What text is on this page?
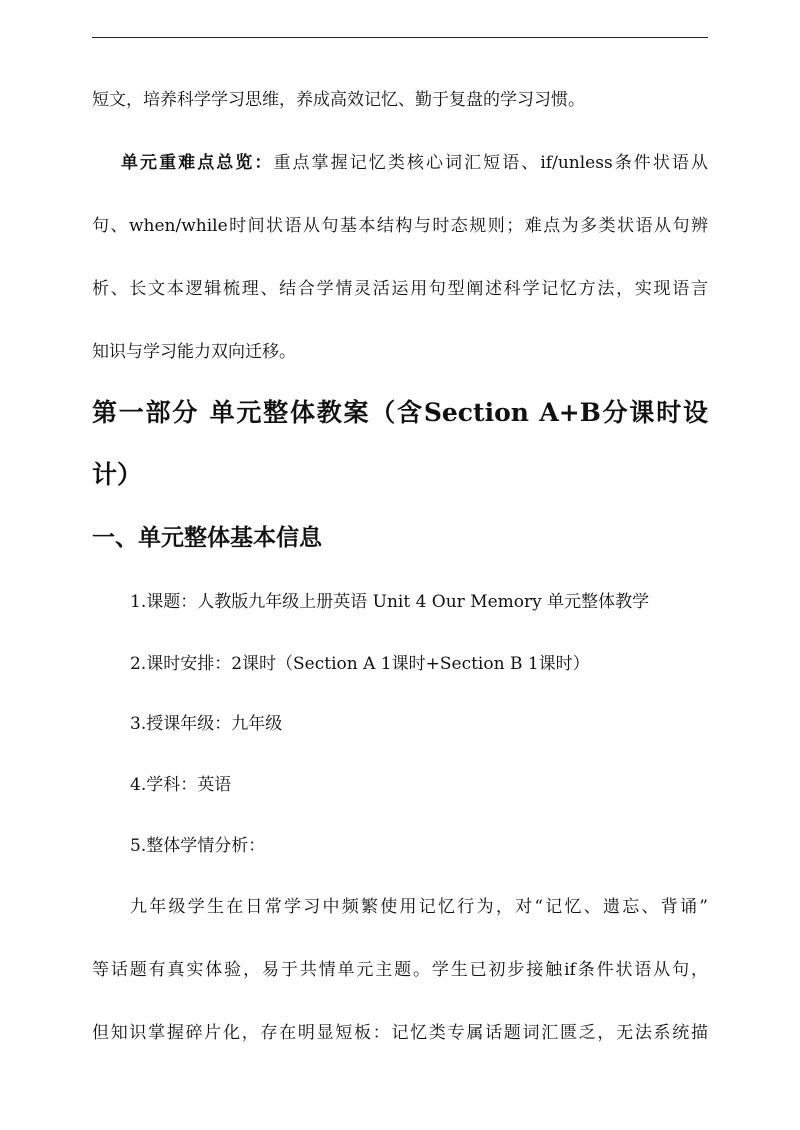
短文，培养科学学习思维，养成高效记忆、勤于复盘的学习习惯。
单元重难点总览：重点掌握记忆类核心词汇短语、if/unless条件状语从
句、when/while时间状语从句基本结构与时态规则；难点为多类状语从句辨
析、长文本逻辑梳理、结合学情灵活运用句型阐述科学记忆方法，实现语言
知识与学习能力双向迁移。
第一部分 单元整体教案（含Section A+B分课时设
计）
一、单元整体基本信息
1.课题：人教版九年级上册英语 Unit 4 Our Memory 单元整体教学
2.课时安排：2课时（Section A 1课时+Section B 1课时）
3.授课年级：九年级
4.学科：英语
5.整体学情分析：
九年级学生在日常学习中频繁使用记忆行为，对“记忆、遗忘、背诵”
等话题有真实体验，易于共情单元主题。学生已初步接触if条件状语从句，
但知识掌握碎片化，存在明显短板：记忆类专属话题词汇匮乏，无法系统描
